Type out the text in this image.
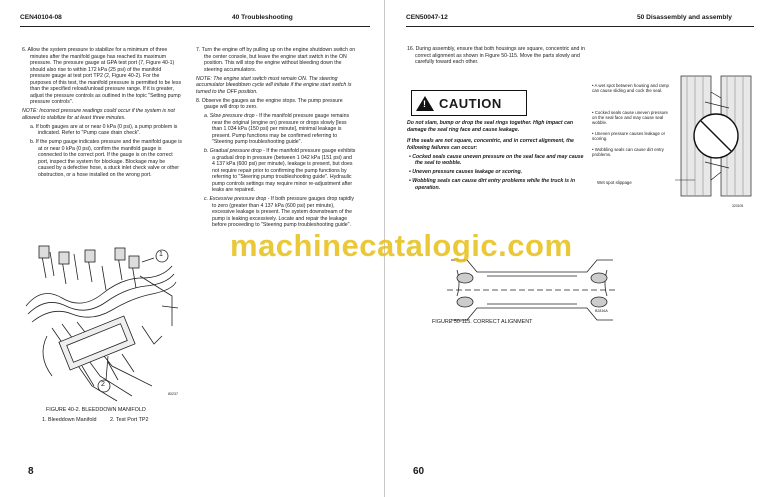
CEN40104-08	40 Troubleshooting

6. Allow the system pressure to stabilize for a minimum of three minutes after the manifold gauge has reached its maximum pressure. The pressure gauge at GPA test port (7, Figure 40-1) should also rise to within 172 kPa (25 psi) of the manifold pressure gauge at test port TP2 (2, Figure 40-2). For the purposes of this test, the manifold pressure is permitted to be less than the specified reload/unload pressure range. If it is greater, adjust the pressure controls as outlined in the topic "Setting pump pressure controls".

NOTE: Incorrect pressure readings could occur if the system is not allowed to stabilize for at least three minutes.

a. If both gauges are at or near 0 kPa (0 psi), a pump problem is indicated. Refer to "Pump case drain check".

b. If the pump gauge indicates pressure and the manifold gauge is at or near 0 kPa (0 psi), confirm the manifold gauge is connected to the correct port. If the gauge is on the correct port, inspect the system for blockage. Blockage may be caused by a defective hose, a stuck inlet check valve or other obstruction, or a hose installed on the wrong port.

7. Turn the engine off by pulling up on the engine shutdown switch on the center console, but leave the engine start switch in the ON position. This will stop the engine without bleeding down the steering accumulators.

NOTE: The engine start switch must remain ON. The steering accumulator bleeddown cycle will initiate if the engine start switch is turned to the OFF position.

8. Observe the gauges as the engine stops. The pump pressure gauge will drop to zero.

a. Slow pressure drop - If the manifold pressure gauge remains near the original (engine on) pressure or drops slowly [less than 1 034 kPa (150 psi) per minute], minimal leakage is present. Pump functions may be confirmed referring to "Steering pump troubleshooting guide".

b. Gradual pressure drop - If the manifold pressure gauge exhibits a gradual drop in pressure (between 1 042 kPa (151 psi) and 4 137 kPa (600 psi) per minute), leakage is present, but does not require repair prior to confirming the pump functions by referring to "Steering pump troubleshooting guide". Hydraulic pump controls settings may require minor re-adjustment after leaks are repaired.

c. Excessive pressure drop - If both pressure gauges drop rapidly to zero (greater than 4 137 kPa (600 psi) per minute), excessive leakage is present. The system downstream of the pump is leaking excessively. Locate and repair the leakage before proceeding to "Steering pump troubleshooting guide".

1
2
80237
FIGURE 40-2. BLEEDDOWN MANIFOLD
1. Bleeddown Manifold 2. Test Port TP2
8
CEN50047-12	50 Disassembly and assembly

16. During assembly, ensure that both housings are square, concentric and in correct alignment as shown in Figure 50-115. Move the parts slowly and carefully toward each other.

! CAUTION

Do not slam, bump or drop the seal rings together. High impact can damage the seal ring face and cause leakage.

If the seals are not square, concentric, and in correct alignment, the following failures can occur:

• Cocked seals cause uneven pressure on the seal face and may cause the seal to wobble.

• Uneven pressure causes leakage or scoring.

• Wobbling seals can cause dirt entry problems while the truck is in operation.

• A wet spot between housing and ramp can cause sliding and cock the seal.
• Cocked seals cause uneven pressure on the seal face and may cause seal wobble.
• Uneven pressure causes leakage or scoring.
• Wobbling seals can cause dirt entry problems.
Wet spot slippage
320105
B2816A
FIGURE 50-115. CORRECT ALIGNMENT
60
machinecatalogic.com
